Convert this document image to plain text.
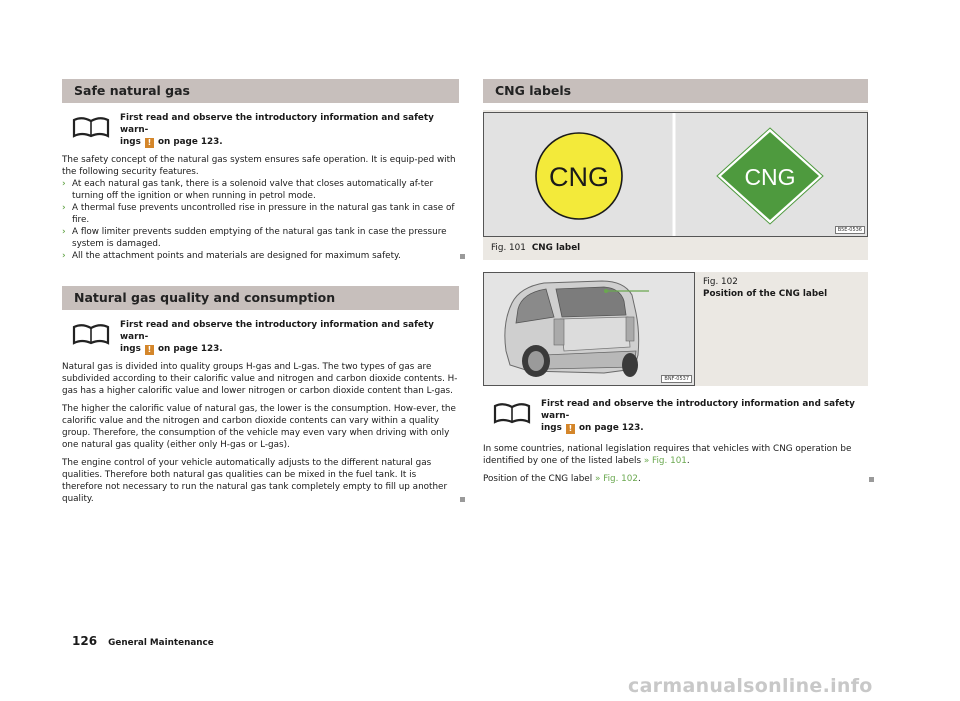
Safe natural gas
First read and observe the introductory information and safety warn-
ings ! on page 123.

The safety concept of the natural gas system ensures safe operation. It is equip-ped with the following security features.

› At each natural gas tank, there is a solenoid valve that closes automatically af-ter turning off the ignition or when running in petrol mode.
› A thermal fuse prevents uncontrolled rise in pressure in the natural gas tank in case of fire.
› A flow limiter prevents sudden emptying of the natural gas tank in case the pressure system is damaged.
› All the attachment points and materials are designed for maximum safety.
Natural gas quality and consumption
First read and observe the introductory information and safety warn-
ings ! on page 123.

Natural gas is divided into quality groups H-gas and L-gas. The two types of gas are subdivided according to their calorific value and nitrogen and carbon dioxide contents. H-gas has a higher calorific value and lower nitrogen or carbon dioxide content than L-gas.

The higher the calorific value of natural gas, the lower is the consumption. How-ever, the calorific value and the nitrogen and carbon dioxide contents can vary within a quality group. Therefore, the consumption of the vehicle may even vary when driving with only one natural gas quality (either only H-gas or L-gas).

The engine control of your vehicle automatically adjusts to the different natural gas qualities. Therefore both natural gas qualities can be mixed in the fuel tank. It is therefore not necessary to run the natural gas tank completely empty to fill up another quality.

CNG labels
CNG	CNG
B5E-0536
Fig. 101 CNG label
BNF-0537
Fig. 102
Position of the CNG label
First read and observe the introductory information and safety warn-
ings ! on page 123.

In some countries, national legislation requires that vehicles with CNG operation be identified by one of the listed labels » Fig. 101.

Position of the CNG label » Fig. 102.

126 General Maintenance
carmanualsonline.info
